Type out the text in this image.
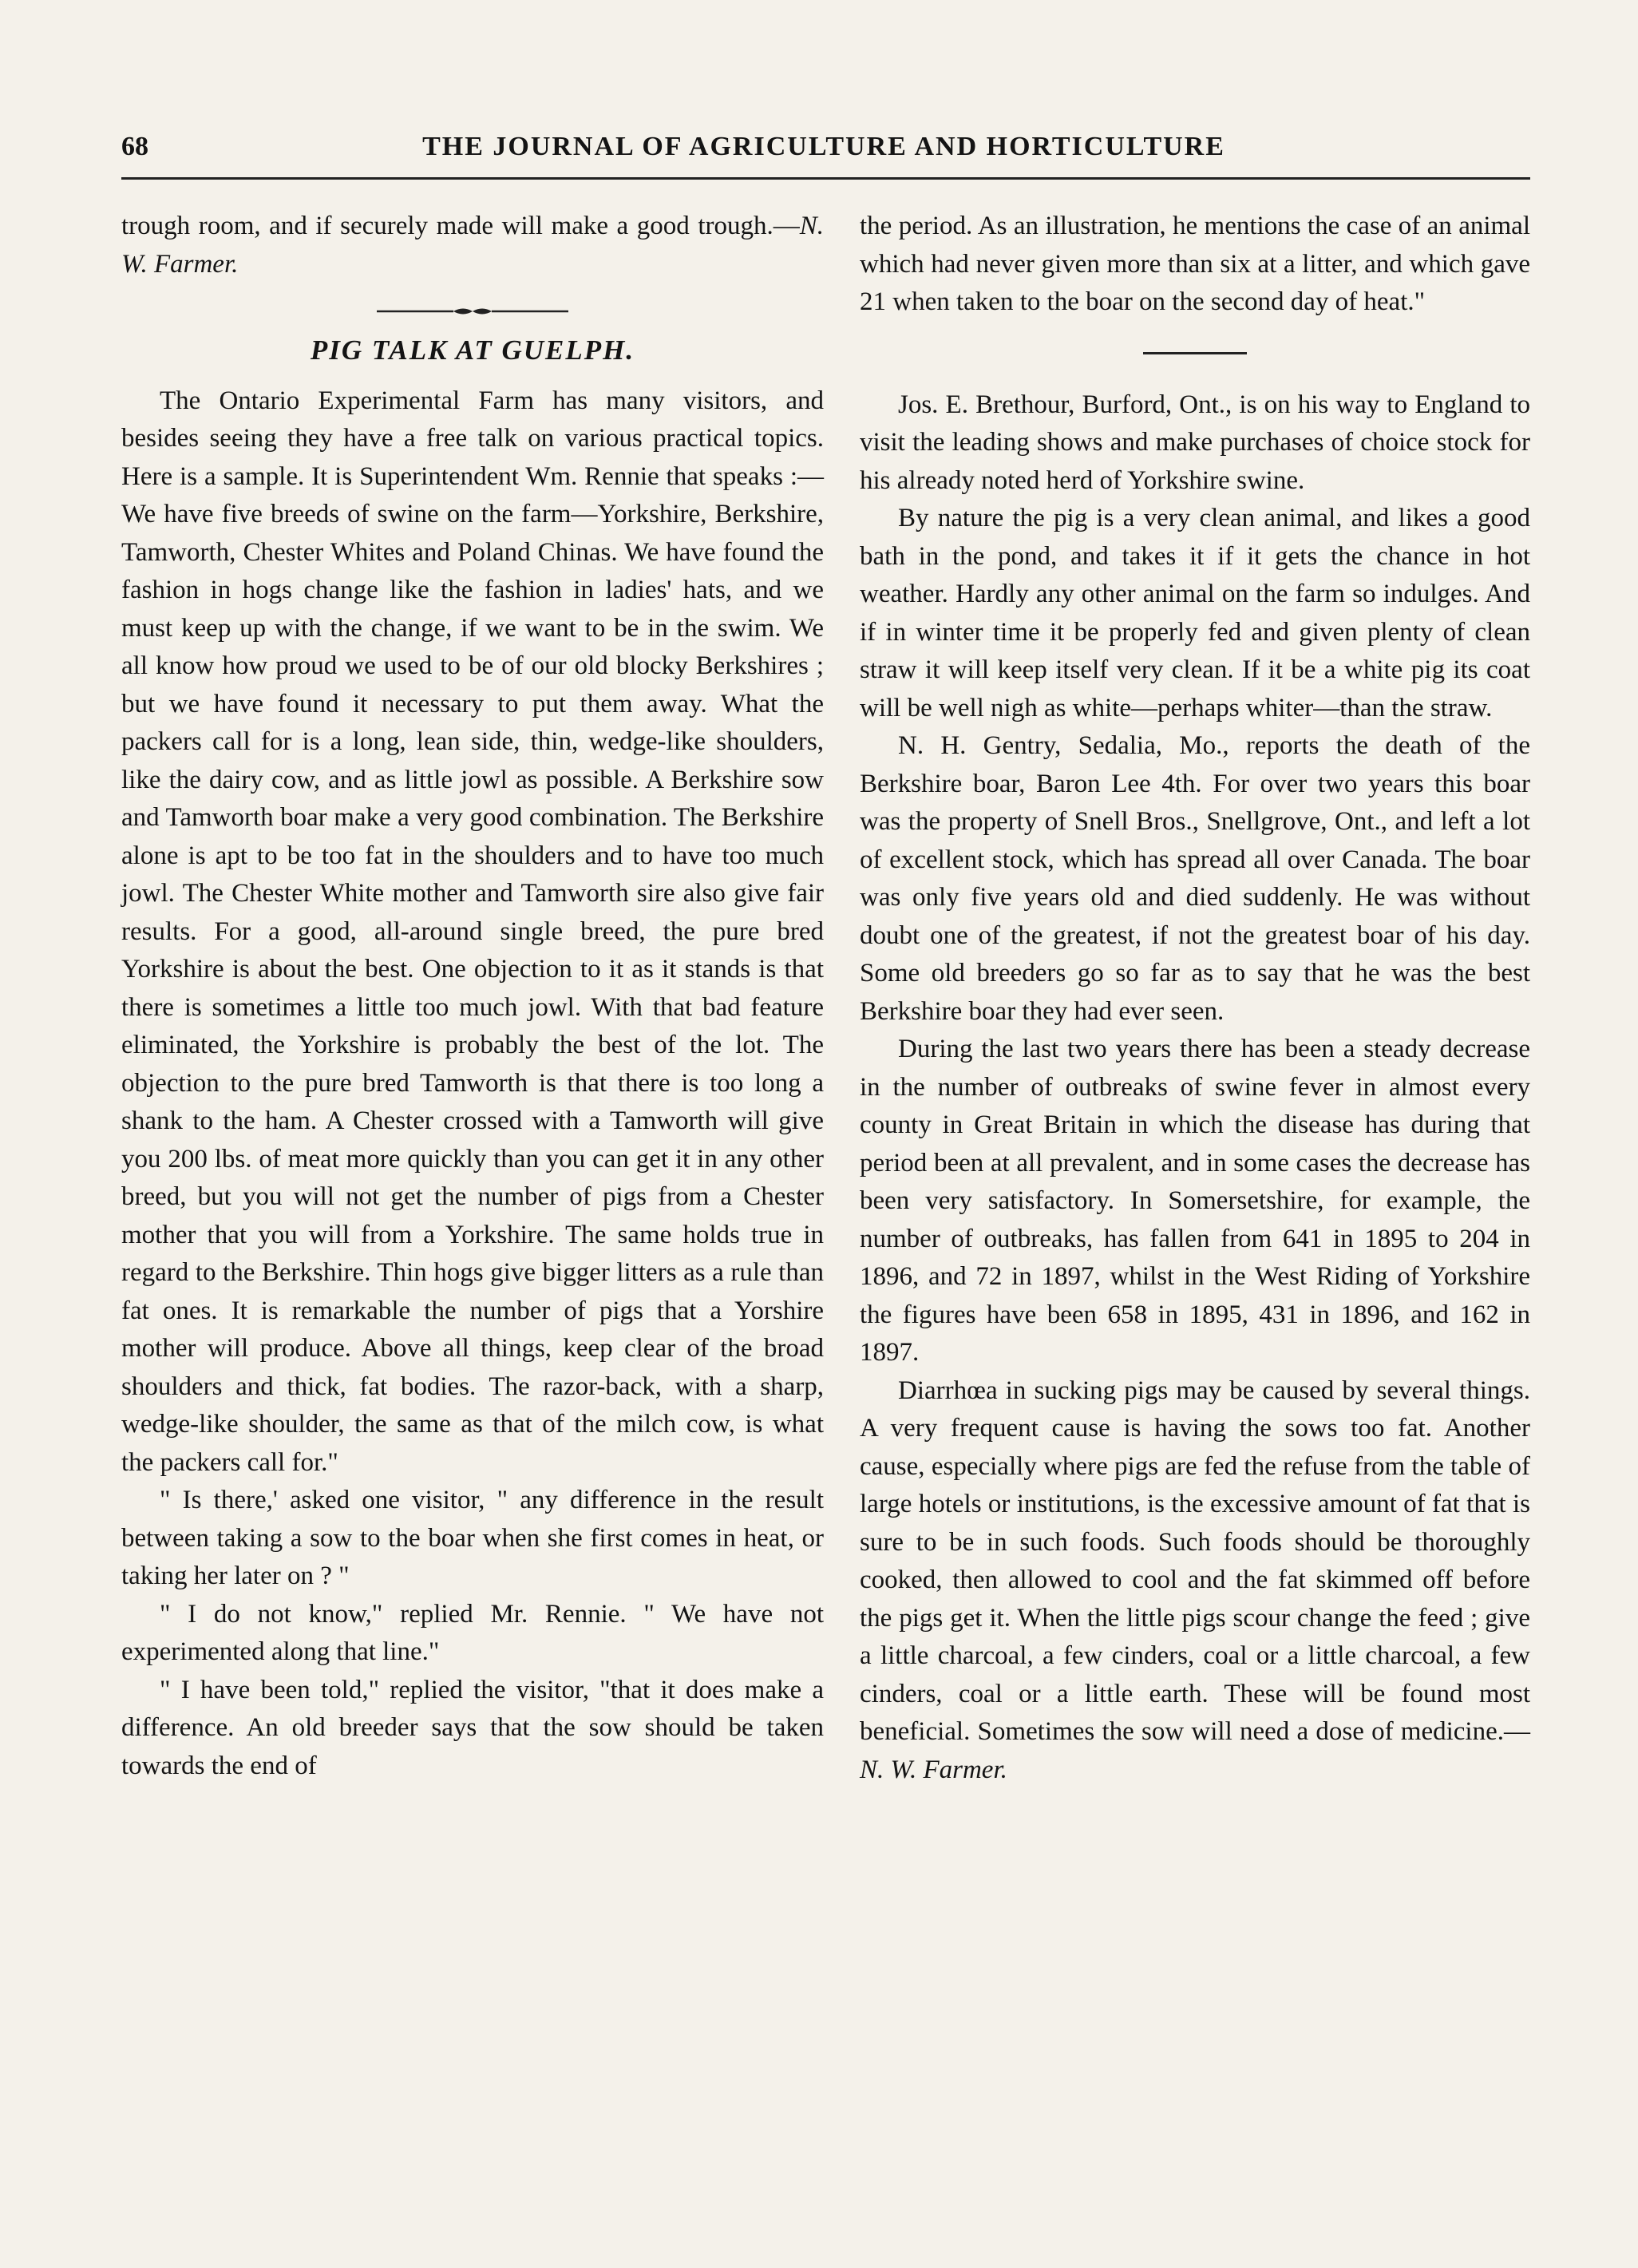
68	THE JOURNAL OF AGRICULTURE AND HORTICULTURE

trough room, and if securely made will make a good trough.—N. W. Farmer.

PIG TALK AT GUELPH.

The Ontario Experimental Farm has many visitors, and besides seeing they have a free talk on various practical topics. Here is a sample. It is Superintendent Wm. Rennie that speaks :—We have five breeds of swine on the farm—Yorkshire, Berkshire, Tamworth, Chester Whites and Poland Chinas. We have found the fashion in hogs change like the fashion in ladies' hats, and we must keep up with the change, if we want to be in the swim. We all know how proud we used to be of our old blocky Berkshires ; but we have found it necessary to put them away. What the packers call for is a long, lean side, thin, wedge-like shoulders, like the dairy cow, and as little jowl as possible. A Berkshire sow and Tamworth boar make a very good combination. The Berkshire alone is apt to be too fat in the shoulders and to have too much jowl. The Chester White mother and Tamworth sire also give fair results. For a good, all-around single breed, the pure bred Yorkshire is about the best. One objection to it as it stands is that there is sometimes a little too much jowl. With that bad feature eliminated, the Yorkshire is probably the best of the lot. The objection to the pure bred Tamworth is that there is too long a shank to the ham. A Chester crossed with a Tamworth will give you 200 lbs. of meat more quickly than you can get it in any other breed, but you will not get the number of pigs from a Chester mother that you will from a Yorkshire. The same holds true in regard to the Berkshire. Thin hogs give bigger litters as a rule than fat ones. It is remarkable the number of pigs that a Yorshire mother will produce. Above all things, keep clear of the broad shoulders and thick, fat bodies. The razor-back, with a sharp, wedge-like shoulder, the same as that of the milch cow, is what the packers call for."

" Is there,' asked one visitor, " any difference in the result between taking a sow to the boar when she first comes in heat, or taking her later on ? "

" I do not know," replied Mr. Rennie. " We have not experimented along that line."

" I have been told," replied the visitor, "that it does make a difference. An old breeder says that the sow should be taken towards the end of

the period. As an illustration, he mentions the case of an animal which had never given more than six at a litter, and which gave 21 when taken to the boar on the second day of heat."

Jos. E. Brethour, Burford, Ont., is on his way to England to visit the leading shows and make purchases of choice stock for his already noted herd of Yorkshire swine.

By nature the pig is a very clean animal, and likes a good bath in the pond, and takes it if it gets the chance in hot weather. Hardly any other animal on the farm so indulges. And if in winter time it be properly fed and given plenty of clean straw it will keep itself very clean. If it be a white pig its coat will be well nigh as white—perhaps whiter—than the straw.

N. H. Gentry, Sedalia, Mo., reports the death of the Berkshire boar, Baron Lee 4th. For over two years this boar was the property of Snell Bros., Snellgrove, Ont., and left a lot of excellent stock, which has spread all over Canada. The boar was only five years old and died suddenly. He was without doubt one of the greatest, if not the greatest boar of his day. Some old breeders go so far as to say that he was the best Berkshire boar they had ever seen.

During the last two years there has been a steady decrease in the number of outbreaks of swine fever in almost every county in Great Britain in which the disease has during that period been at all prevalent, and in some cases the decrease has been very satisfactory. In Somersetshire, for example, the number of outbreaks, has fallen from 641 in 1895 to 204 in 1896, and 72 in 1897, whilst in the West Riding of Yorkshire the figures have been 658 in 1895, 431 in 1896, and 162 in 1897.

Diarrhœa in sucking pigs may be caused by several things. A very frequent cause is having the sows too fat. Another cause, especially where pigs are fed the refuse from the table of large hotels or institutions, is the excessive amount of fat that is sure to be in such foods. Such foods should be thoroughly cooked, then allowed to cool and the fat skimmed off before the pigs get it. When the little pigs scour change the feed ; give a little charcoal, a few cinders, coal or a little charcoal, a few cinders, coal or a little earth. These will be found most beneficial. Sometimes the sow will need a dose of medicine.—N. W. Farmer.
